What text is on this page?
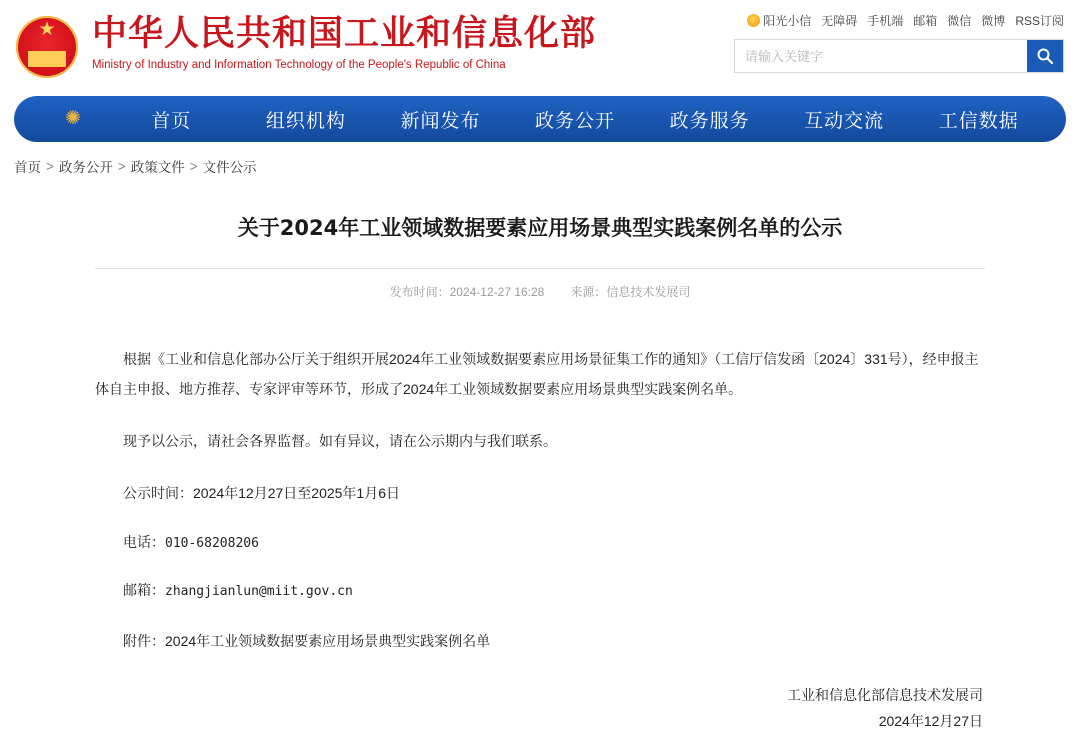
★
中华人民共和国工业和信息化部
Ministry of Industry and Information Technology of the People's Republic of China
阳光小信 无障碍 手机端 邮箱 微信 微博 RSS订阅
请输入关键字
✺	首页	组织机构	新闻发布	政务公开	政务服务	互动交流	工信数据
首页 > 政务公开 > 政策文件 > 文件公示
关于2024年工业领域数据要素应用场景典型实践案例名单的公示
发布时间：2024-12-27 16:28 来源：信息技术发展司

根据《工业和信息化部办公厅关于组织开展2024年工业领域数据要素应用场景征集工作的通知》（工信厅信发函〔2024〕331号），经申报主体自主申报、地方推荐、专家评审等环节，形成了2024年工业领域数据要素应用场景典型实践案例名单。

现予以公示，请社会各界监督。如有异议，请在公示期内与我们联系。

公示时间：2024年12月27日至2025年1月6日

电话：010-68208206

邮箱：zhangjianlun@miit.gov.cn

附件：2024年工业领域数据要素应用场景典型实践案例名单

工业和信息化部信息技术发展司
2024年12月27日
